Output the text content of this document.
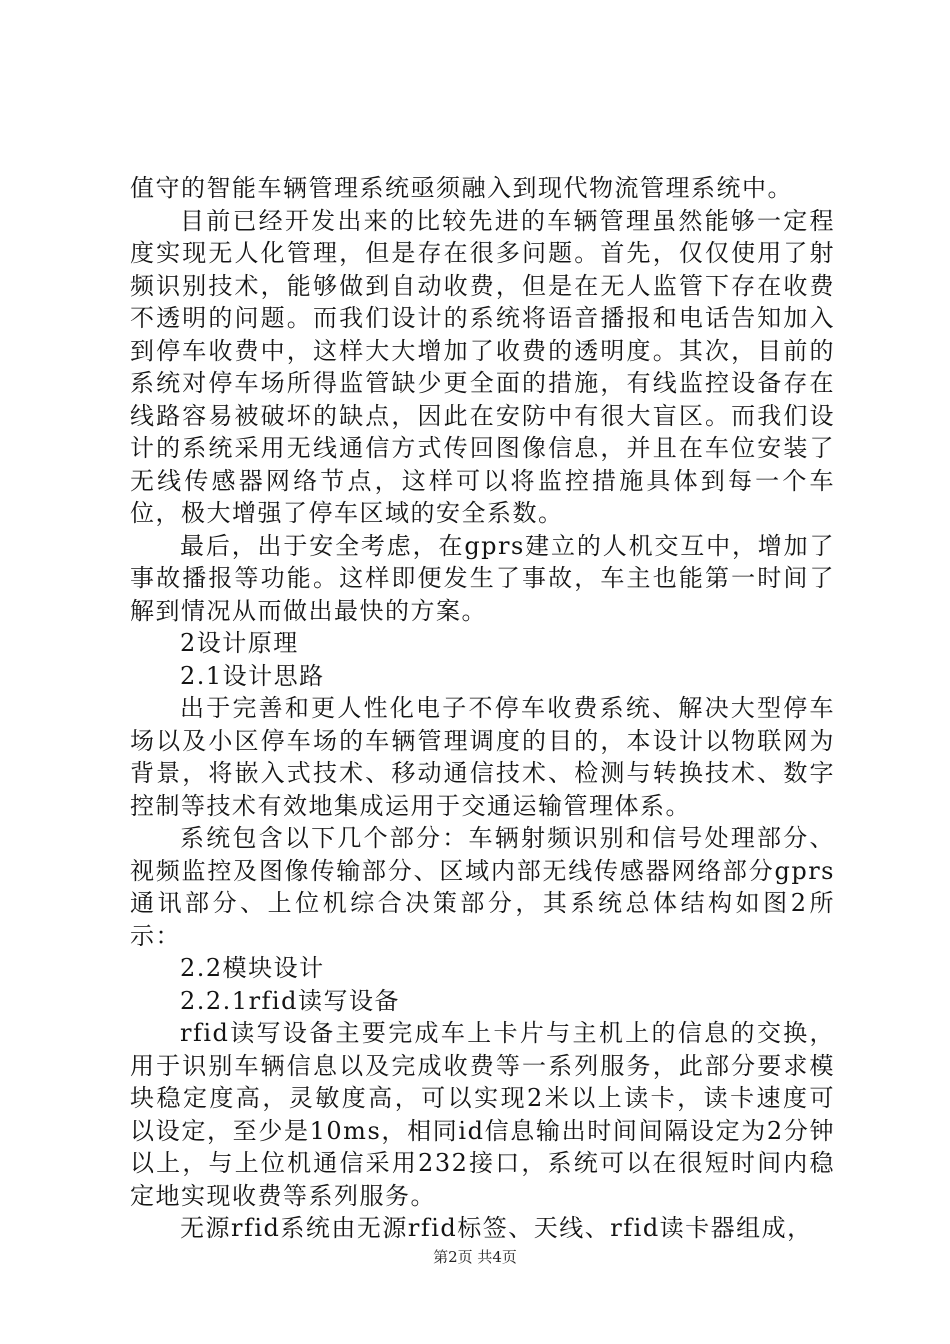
值守的智能车辆管理系统亟须融入到现代物流管理系统中。

目前已经开发出来的比较先进的车辆管理虽然能够一定程度实现无人化管理，但是存在很多问题。首先，仅仅使用了射频识别技术，能够做到自动收费，但是在无人监管下存在收费不透明的问题。而我们设计的系统将语音播报和电话告知加入到停车收费中，这样大大增加了收费的透明度。其次，目前的系统对停车场所得监管缺少更全面的措施，有线监控设备存在线路容易被破坏的缺点，因此在安防中有很大盲区。而我们设计的系统采用无线通信方式传回图像信息，并且在车位安装了无线传感器网络节点，这样可以将监控措施具体到每一个车位，极大增强了停车区域的安全系数。

最后，出于安全考虑，在gprs建立的人机交互中，增加了事故播报等功能。这样即便发生了事故，车主也能第一时间了解到情况从而做出最快的方案。

2设计原理

2.1设计思路

出于完善和更人性化电子不停车收费系统、解决大型停车场以及小区停车场的车辆管理调度的目的，本设计以物联网为背景，将嵌入式技术、移动通信技术、检测与转换技术、数字控制等技术有效地集成运用于交通运输管理体系。

系统包含以下几个部分：车辆射频识别和信号处理部分、视频监控及图像传输部分、区域内部无线传感器网络部分gprs通讯部分、上位机综合决策部分，其系统总体结构如图2所示：

2.2模块设计

2.2.1rfid读写设备

rfid读写设备主要完成车上卡片与主机上的信息的交换，用于识别车辆信息以及完成收费等一系列服务，此部分要求模块稳定度高，灵敏度高，可以实现2米以上读卡，读卡速度可以设定，至少是10ms，相同id信息输出时间间隔设定为2分钟以上，与上位机通信采用232接口，系统可以在很短时间内稳定地实现收费等系列服务。

无源rfid系统由无源rfid标签、天线、rfid读卡器组成，

第2页 共4页
